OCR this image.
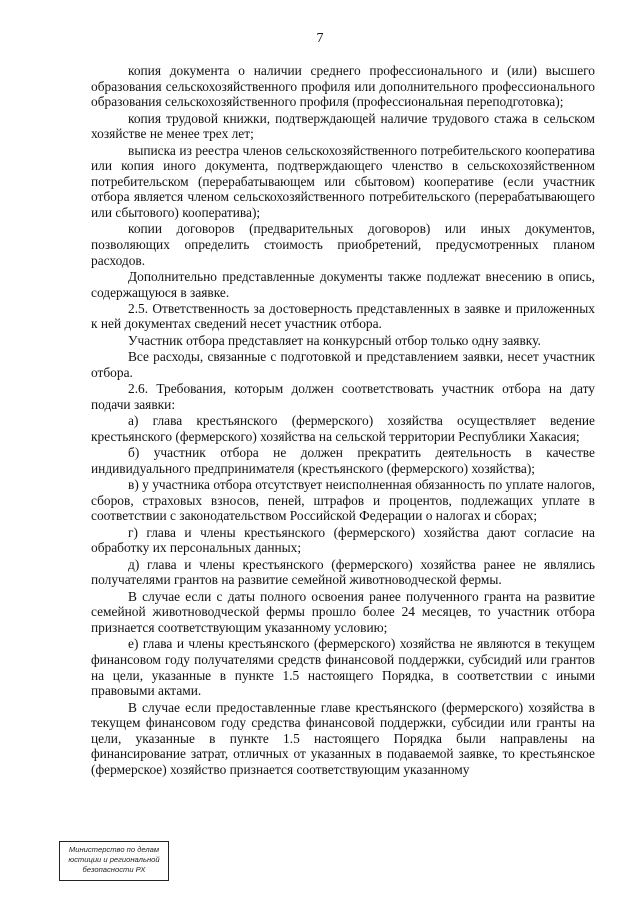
7

копия документа о наличии среднего профессионального и (или) высшего образования сельскохозяйственного профиля или дополнительного профессионального образования сельскохозяйственного профиля (профессиональная переподготовка);

копия трудовой книжки, подтверждающей наличие трудового стажа в сельском хозяйстве не менее трех лет;

выписка из реестра членов сельскохозяйственного потребительского кооператива или копия иного документа, подтверждающего членство в сельскохозяйственном потребительском (перерабатывающем или сбытовом) кооперативе (если участник отбора является членом сельскохозяйственного потребительского (перерабатывающего или сбытового) кооператива);

копии договоров (предварительных договоров) или иных документов, позволяющих определить стоимость приобретений, предусмотренных планом расходов.

Дополнительно представленные документы также подлежат внесению в опись, содержащуюся в заявке.

2.5. Ответственность за достоверность представленных в заявке и приложенных к ней документах сведений несет участник отбора.

Участник отбора представляет на конкурсный отбор только одну заявку.

Все расходы, связанные с подготовкой и представлением заявки, несет участник отбора.

2.6. Требования, которым должен соответствовать участник отбора на дату подачи заявки:

а) глава крестьянского (фермерского) хозяйства осуществляет ведение крестьянского (фермерского) хозяйства на сельской территории Республики Хакасия;

б) участник отбора не должен прекратить деятельность в качестве индивидуального предпринимателя (крестьянского (фермерского) хозяйства);

в) у участника отбора отсутствует неисполненная обязанность по уплате налогов, сборов, страховых взносов, пеней, штрафов и процентов, подлежащих уплате в соответствии с законодательством Российской Федерации о налогах и сборах;

г) глава и члены крестьянского (фермерского) хозяйства дают согласие на обработку их персональных данных;

д) глава и члены крестьянского (фермерского) хозяйства ранее не являлись получателями грантов на развитие семейной животноводческой фермы.

В случае если с даты полного освоения ранее полученного гранта на развитие семейной животноводческой фермы прошло более 24 месяцев, то участник отбора признается соответствующим указанному условию;

е) глава и члены крестьянского (фермерского) хозяйства не являются в текущем финансовом году получателями средств финансовой поддержки, субсидий или грантов на цели, указанные в пункте 1.5 настоящего Порядка, в соответствии с иными правовыми актами.

В случае если предоставленные главе крестьянского (фермерского) хозяйства в текущем финансовом году средства финансовой поддержки, субсидии или гранты на цели, указанные в пункте 1.5 настоящего Порядка были направлены на финансирование затрат, отличных от указанных в подаваемой заявке, то крестьянское (фермерское) хозяйство признается соответствующим указанному

Министерство по делам
юстиции и региональной
безопасности РХ
